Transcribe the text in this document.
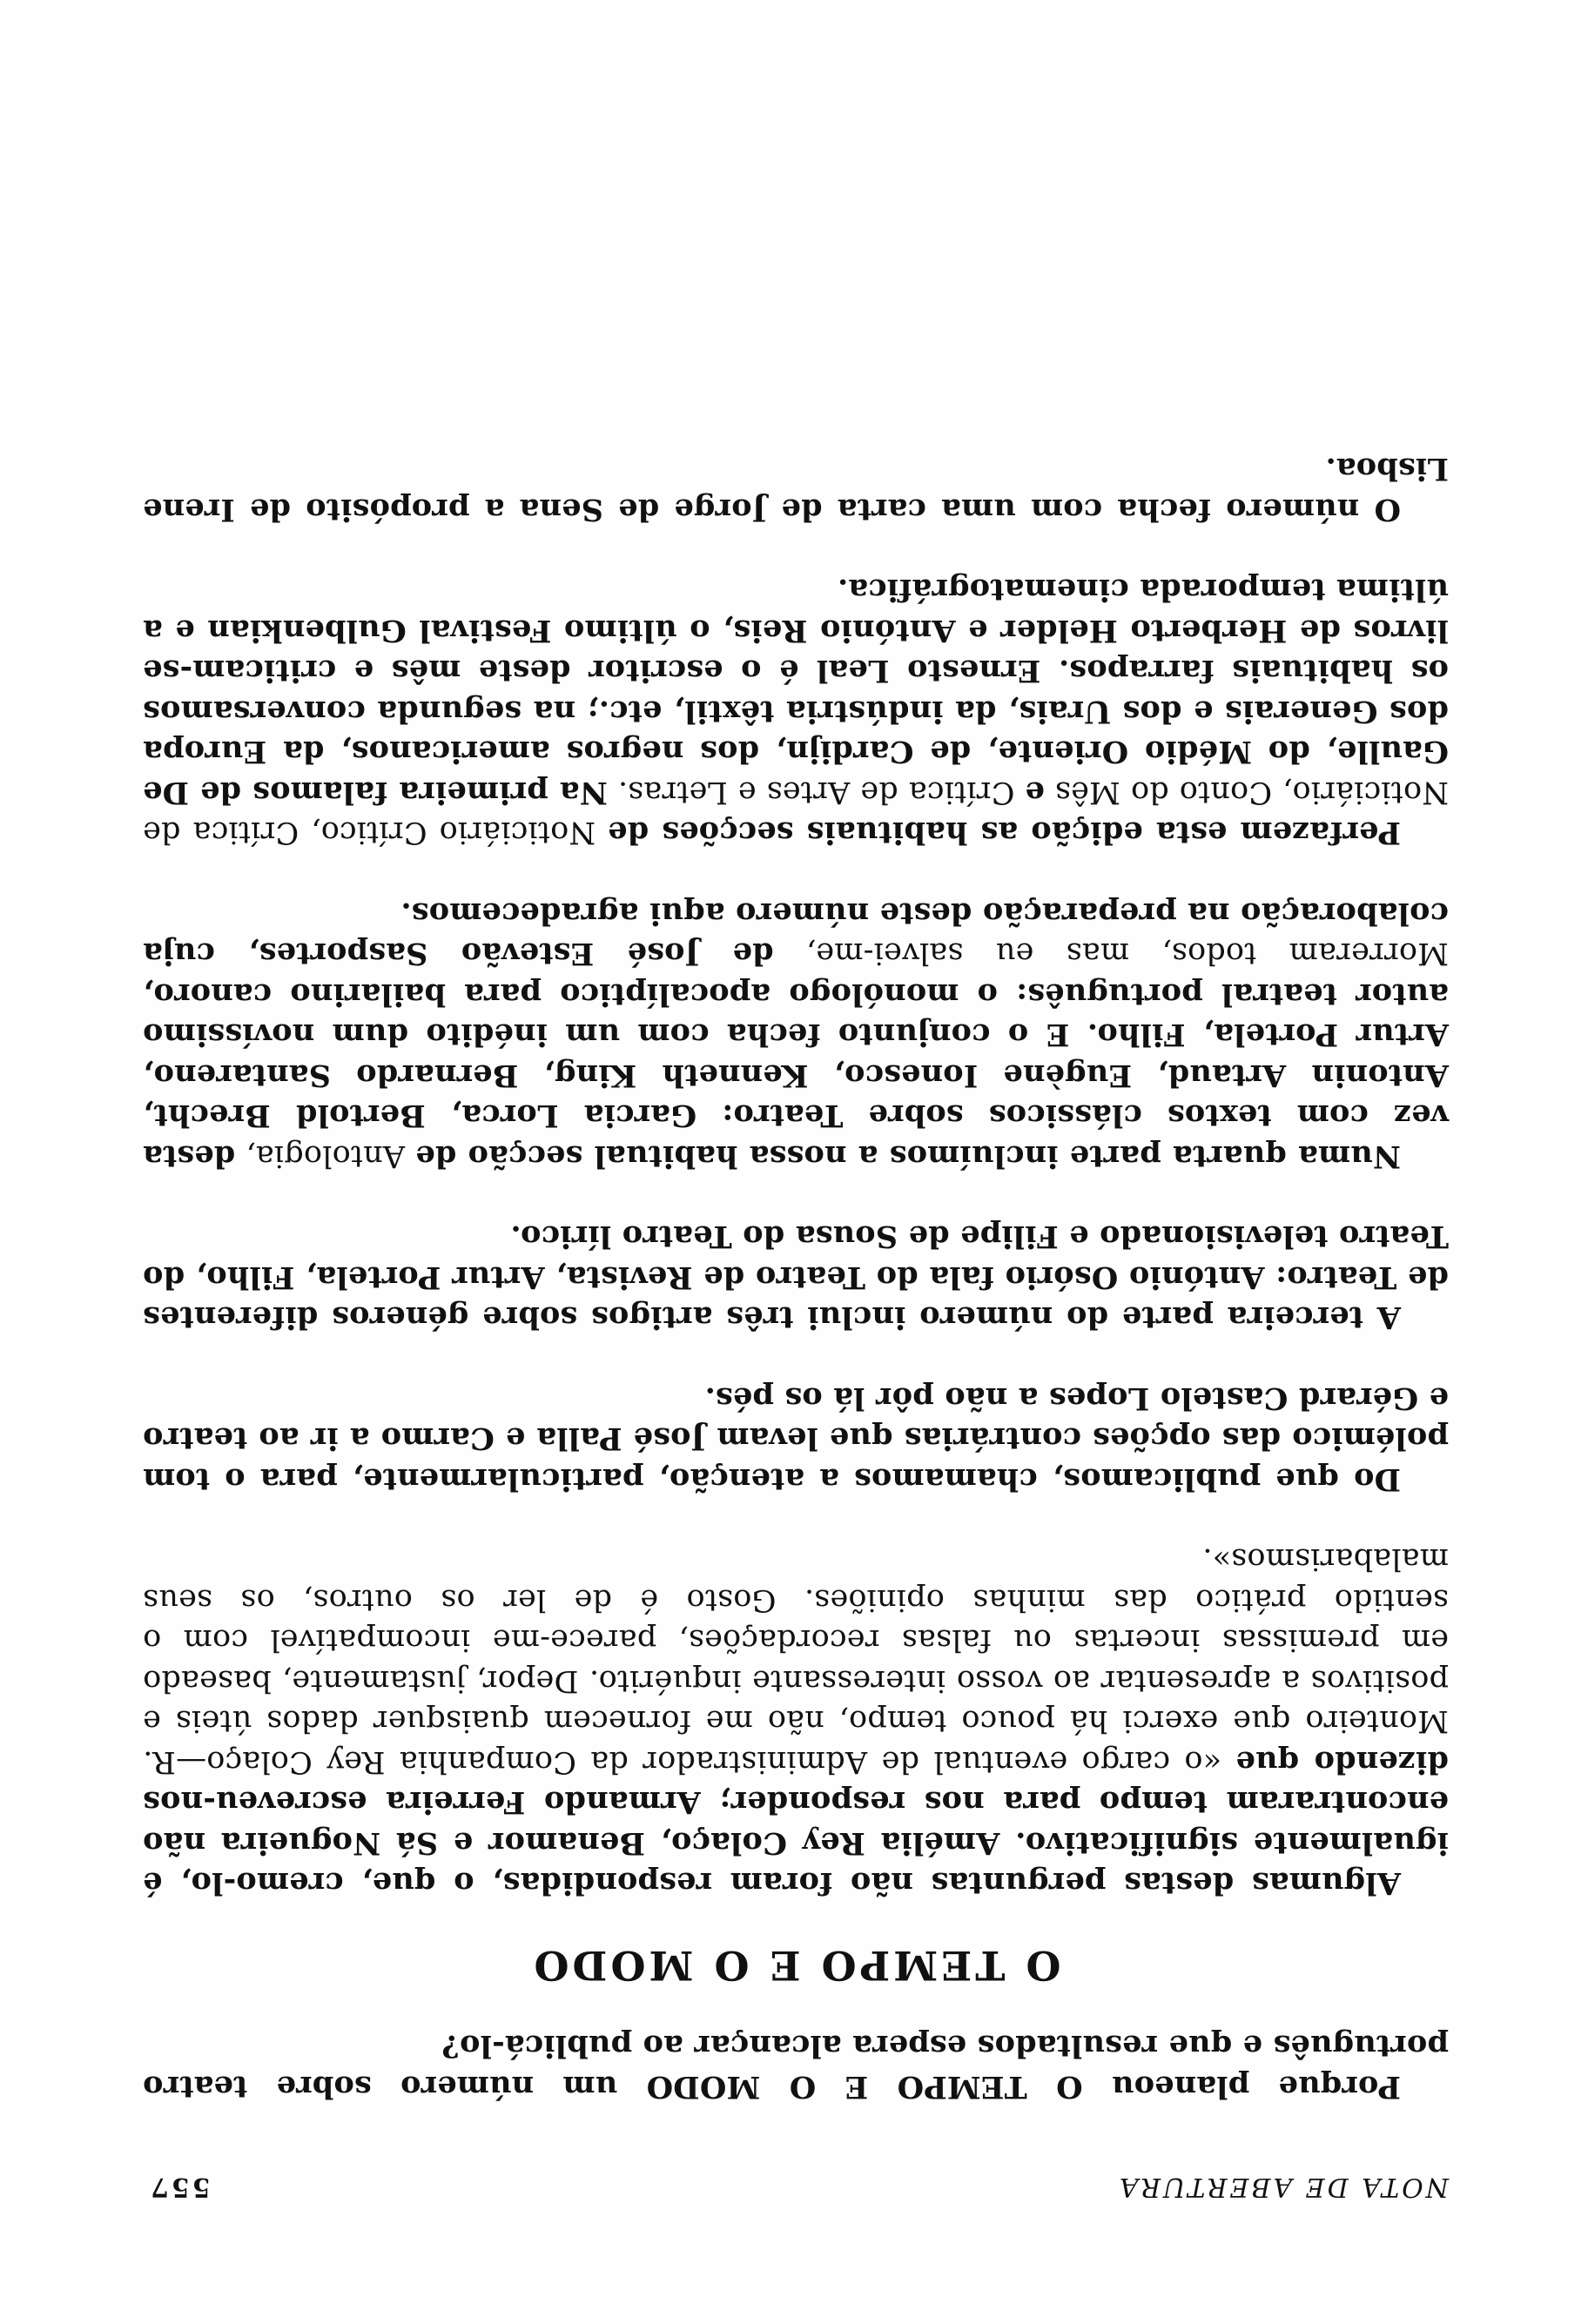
NOTA DE ABERTURA
557

Porque planeou O TEMPO E O MODO um número sobre teatro português e que resultados espera alcançar ao publicá-lo?

O TEMPO E O MODO

Algumas destas perguntas não foram respondidas, o que, cremo-lo, é igualmente significativo. Amélia Rey Colaço, Benamor e Sá Nogueira não encontraram tempo para nos responder; Armando Ferreira escreveu-nos dizendo que «o cargo eventual de Administrador da Companhia Rey Colaço—R. Monteiro que exerci há pouco tempo, não me fornecem quaisquer dados úteis e positivos a apresentar ao vosso interessante inquérito. Depor, justamente, baseado em premissas incertas ou falsas recordações, parece-me incompatível com o sentido prático das minhas opiniões. Gosto é de ler os outros, os seus malabarismos».

Do que publicamos, chamamos a atenção, particularmente, para o tom polémico das opções contrárias que levam José Palla e Carmo a ir ao teatro e Gérard Castelo Lopes a não pôr lá os pés.

A terceira parte do número inclui três artigos sobre géneros diferentes de Teatro: António Osório fala do Teatro de Revista, Artur Portela, Filho, do Teatro televisionado e Filipe de Sousa do Teatro lírico.

Numa quarta parte incluímos a nossa habitual secção de Antologia, desta vez com textos clássicos sobre Teatro: Garcia Lorca, Bertold Brecht, Antonin Artaud, Eugène Ionesco, Kenneth King, Bernardo Santareno, Artur Portela, Filho. E o conjunto fecha com um inédito dum novíssimo autor teatral português: o monólogo apocalíptico para bailarino canoro, Morreram todos, mas eu salvei-me, de José Estevão Sasportes, cuja colaboração na preparação deste número aqui agradecemos.

Perfazem esta edição as habituais secções de Noticiário Crítico, Crítica de Noticiário, Conto do Mês e Crítica de Artes e Letras. Na primeira falamos de De Gaulle, do Médio Oriente, de Cardijn, dos negros americanos, da Europa dos Generais e dos Urais, da indústria têxtil, etc.; na segunda conversamos os habituais farrapos. Ernesto Leal é o escritor deste mês e criticam-se livros de Herberto Helder e António Reis, o último Festival Gulbenkian e a última temporada cinematográfica.

O número fecha com uma carta de Jorge de Sena a propósito de Irene Lisboa.
